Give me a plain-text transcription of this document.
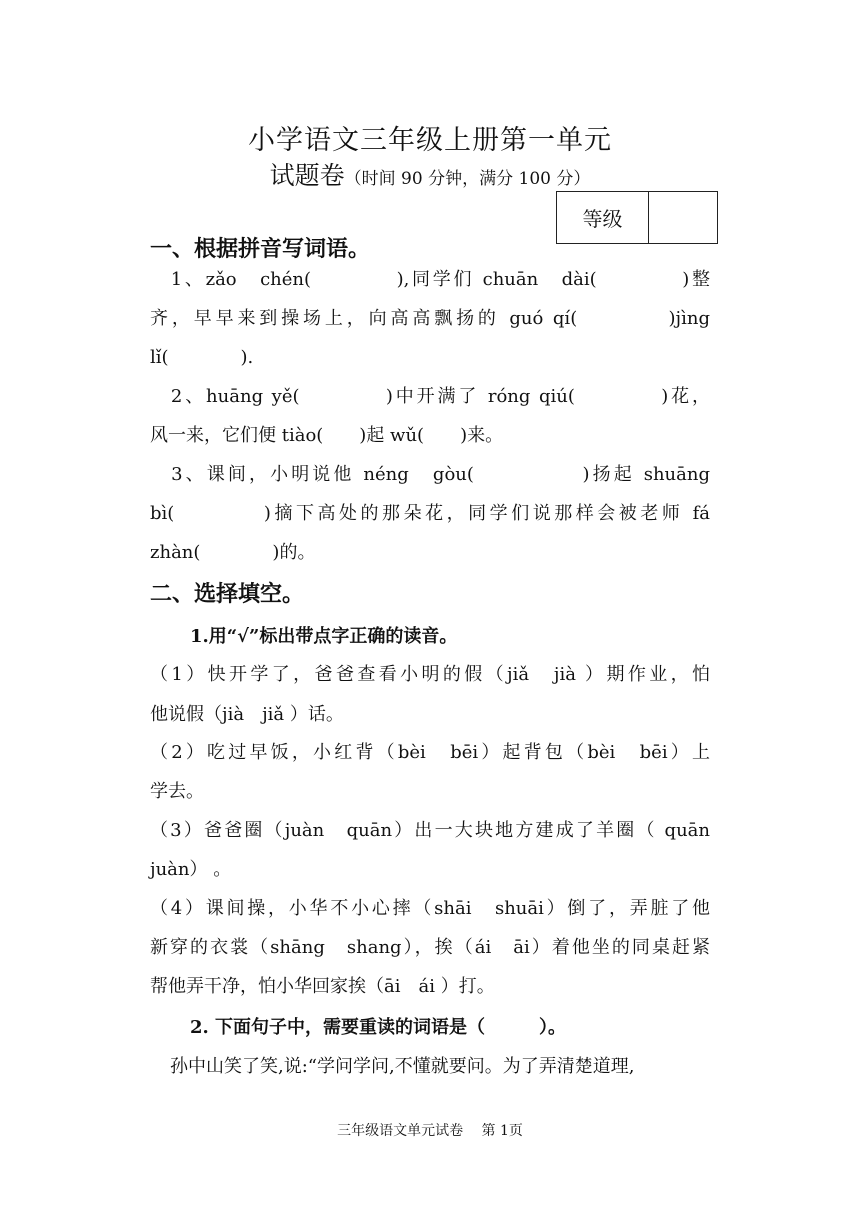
小学语文三年级上册第一单元
试题卷（时间 90 分钟，满分 100 分）
等级
一、根据拼音写词语。
　1、zǎo　chén(　　　　),同学们 chuān　dài(　　　　)整
齐，早早来到操场上，向高高飘扬的 guó qí(　　　　)jìng
lǐ(　　　　).
　2、huāng yě(　　　　)中开满了 róng qiú(　　　　)花，
风一来，它们便 tiào(　　)起 wǔ(　　)来。
　3、课间，小明说他 néng　gòu(　　　　　)扬起 shuāng
bì(　　　　)摘下高处的那朵花，同学们说那样会被老师 fá
zhàn(　　　　)的。
二、选择填空。
1.用“√”标出带点字正确的读音。
（1）快开学了，爸爸查看小明的假（jiǎ　jià ）期作业，怕
他说假（jià　jiǎ ）话。
（2）吃过早饭，小红背（bèi　bēi）起背包（bèi　bēi）上
学去。
（3）爸爸圈（juàn　quān）出一大块地方建成了羊圈（ quān
juàn） 。
（4）课间操，小华不小心摔（shāi　shuāi）倒了，弄脏了他
新穿的衣裳（shāng　shang），挨（ái　āi）着他坐的同桌赶紧
帮他弄干净，怕小华回家挨（āi　ái ）打。
2. 下面句子中，需要重读的词语是（　　　）。
孙中山笑了笑,说:“学问学问,不懂就要问。为了弄清楚道理,
三年级语文单元试卷　 第 1页
